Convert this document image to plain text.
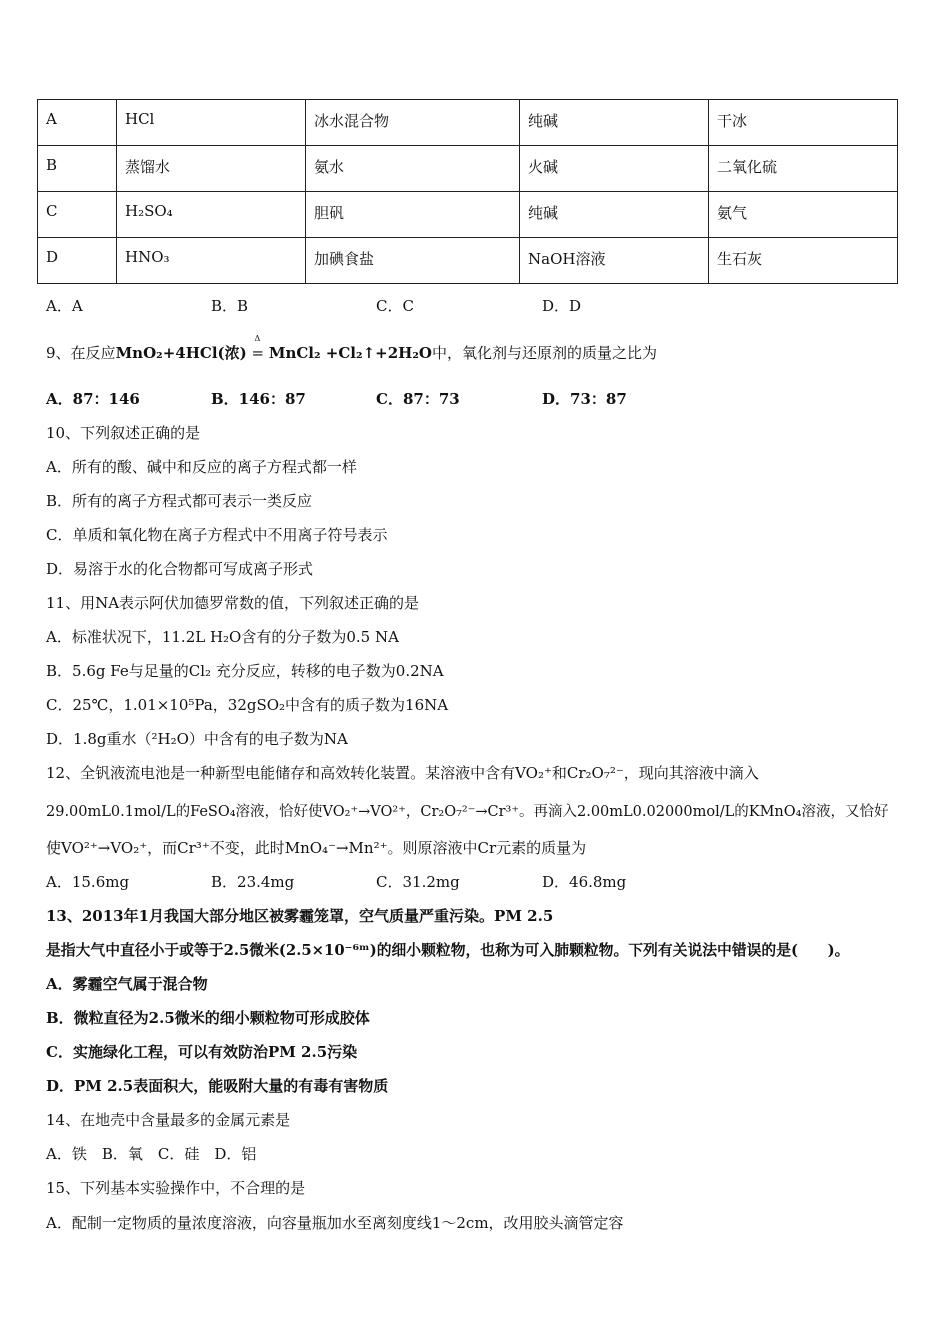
A	HCl	冰水混合物	纯碱	干冰
B	蒸馏水	氨水	火碱	二氧化硫
C	H₂SO₄	胆矾	纯碱	氨气
D	HNO₃	加碘食盐	NaOH溶液	生石灰
A．A	B．B	C．C	D．D
9、在反应MnO₂+4HCl(浓)
Δ
= MnCl₂ +Cl₂↑+2H₂O中，氧化剂与还原剂的质量之比为
A．87：146	B．146：87	C．87：73	D．73：87
10、下列叙述正确的是
A．所有的酸、碱中和反应的离子方程式都一样
B．所有的离子方程式都可表示一类反应
C．单质和氧化物在离子方程式中不用离子符号表示
D．易溶于水的化合物都可写成离子形式
11、用NA表示阿伏加德罗常数的值，下列叙述正确的是
A．标准状况下，11.2L H₂O含有的分子数为0.5 NA
B．5.6g Fe与足量的Cl₂ 充分反应，转移的电子数为0.2NA
C．25℃，1.01×10⁵Pa，32gSO₂中含有的质子数为16NA
D．1.8g重水（²H₂O）中含有的电子数为NA
12、全钒液流电池是一种新型电能储存和高效转化装置。某溶液中含有VO₂⁺和Cr₂O₇²⁻，现向其溶液中滴入
29.00mL0.1mol/L的FeSO₄溶液，恰好使VO₂⁺→VO²⁺，Cr₂O₇²⁻→Cr³⁺。再滴入2.00mL0.02000mol/L的KMnO₄溶液，又恰好
使VO²⁺→VO₂⁺，而Cr³⁺不变，此时MnO₄⁻→Mn²⁺。则原溶液中Cr元素的质量为
A．15.6mg	B．23.4mg	C．31.2mg	D．46.8mg
13、2013年1月我国大部分地区被雾霾笼罩，空气质量严重污染。PM 2.5
是指大气中直径小于或等于2.5微米(2.5×10⁻⁶ᵐ)的细小颗粒物，也称为可入肺颗粒物。下列有关说法中错误的是(　　)。
A．雾霾空气属于混合物
B．微粒直径为2.5微米的细小颗粒物可形成胶体
C．实施绿化工程，可以有效防治PM 2.5污染
D．PM 2.5表面积大，能吸附大量的有毒有害物质
14、在地壳中含量最多的金属元素是
A．铁　B．氧　C．硅　D．铝
15、下列基本实验操作中，不合理的是
A．配制一定物质的量浓度溶液，向容量瓶加水至离刻度线1～2cm，改用胶头滴管定容
